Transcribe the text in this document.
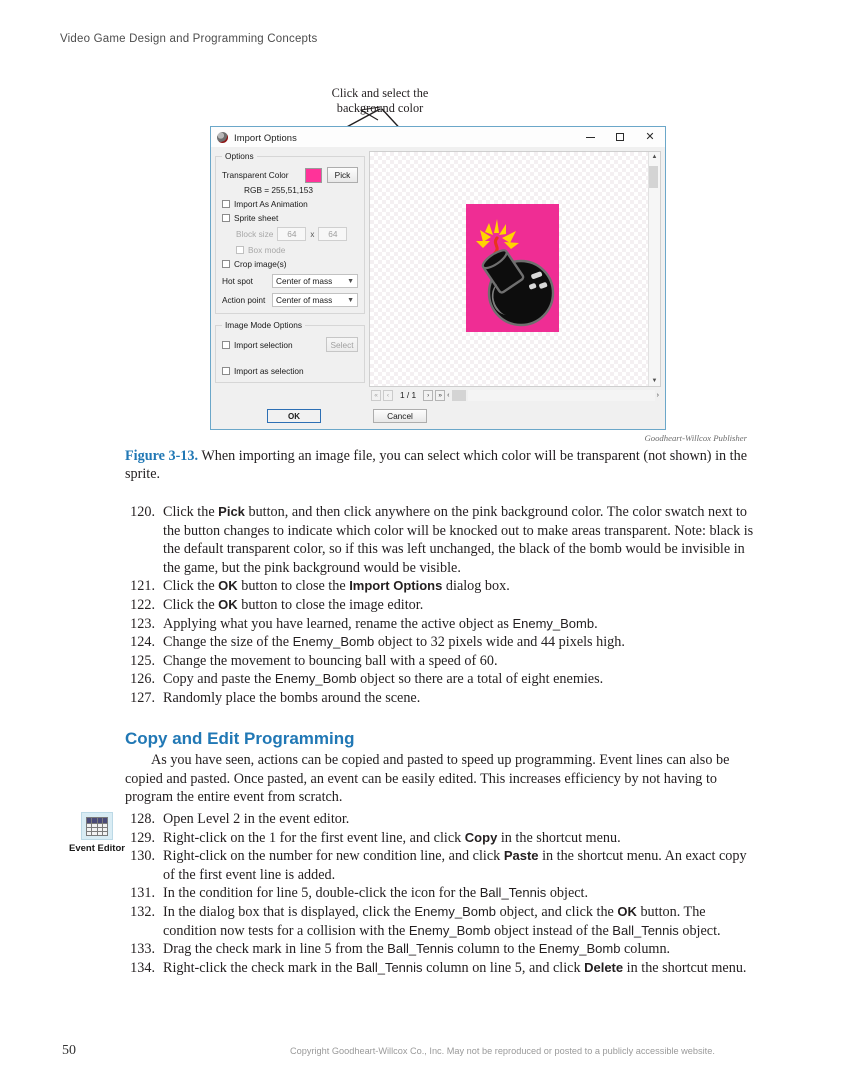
Video Game Design and Programming Concepts
Click and select the
background color
Import Options	✕
Options
Transparent Color	Pick
RGB = 255,51,153
Import As Animation
Sprite sheet
Block size	64	x	64
Box mode
Crop image(s)
Hot spot	Center of mass ▼
Action point Center of mass ▼
Image Mode Options
Import selection	Select
Import as selection
▲
▼
«	‹	1 / 1	›	» ‹	›
OK	Cancel
Goodheart-Willcox Publisher
Figure 3-13. When importing an image file, you can select which color will be transparent (not shown) in the sprite.
120. Click the Pick button, and then click anywhere on the pink background color. The color swatch next to the button changes to indicate which color will be knocked out to make areas transparent. Note: black is the default transparent color, so if this was left unchanged, the black of the bomb would be invisible in the game, but the pink background would be visible.
121. Click the OK button to close the Import Options dialog box.
122. Click the OK button to close the image editor.
123. Applying what you have learned, rename the active object as Enemy_Bomb.
124. Change the size of the Enemy_Bomb object to 32 pixels wide and 44 pixels high.
125. Change the movement to bouncing ball with a speed of 60.
126. Copy and paste the Enemy_Bomb object so there are a total of eight enemies.
127. Randomly place the bombs around the scene.
Copy and Edit Programming
As you have seen, actions can be copied and pasted to speed up programming. Event lines can also be copied and pasted. Once pasted, an event can be easily edited. This increases efficiency by not having to program the entire event from scratch.
Event Editor
128. Open Level 2 in the event editor.
129. Right-click on the 1 for the first event line, and click Copy in the shortcut menu.
130. Right-click on the number for new condition line, and click Paste in the shortcut menu. An exact copy of the first event line is added.
131. In the condition for line 5, double-click the icon for the Ball_Tennis object.
132. In the dialog box that is displayed, click the Enemy_Bomb object, and click the OK button. The condition now tests for a collision with the Enemy_Bomb object instead of the Ball_Tennis object.
133. Drag the check mark in line 5 from the Ball_Tennis column to the Enemy_Bomb column.
134. Right-click the check mark in the Ball_Tennis column on line 5, and click Delete in the shortcut menu.
50	Copyright Goodheart-Willcox Co., Inc. May not be reproduced or posted to a publicly accessible website.
